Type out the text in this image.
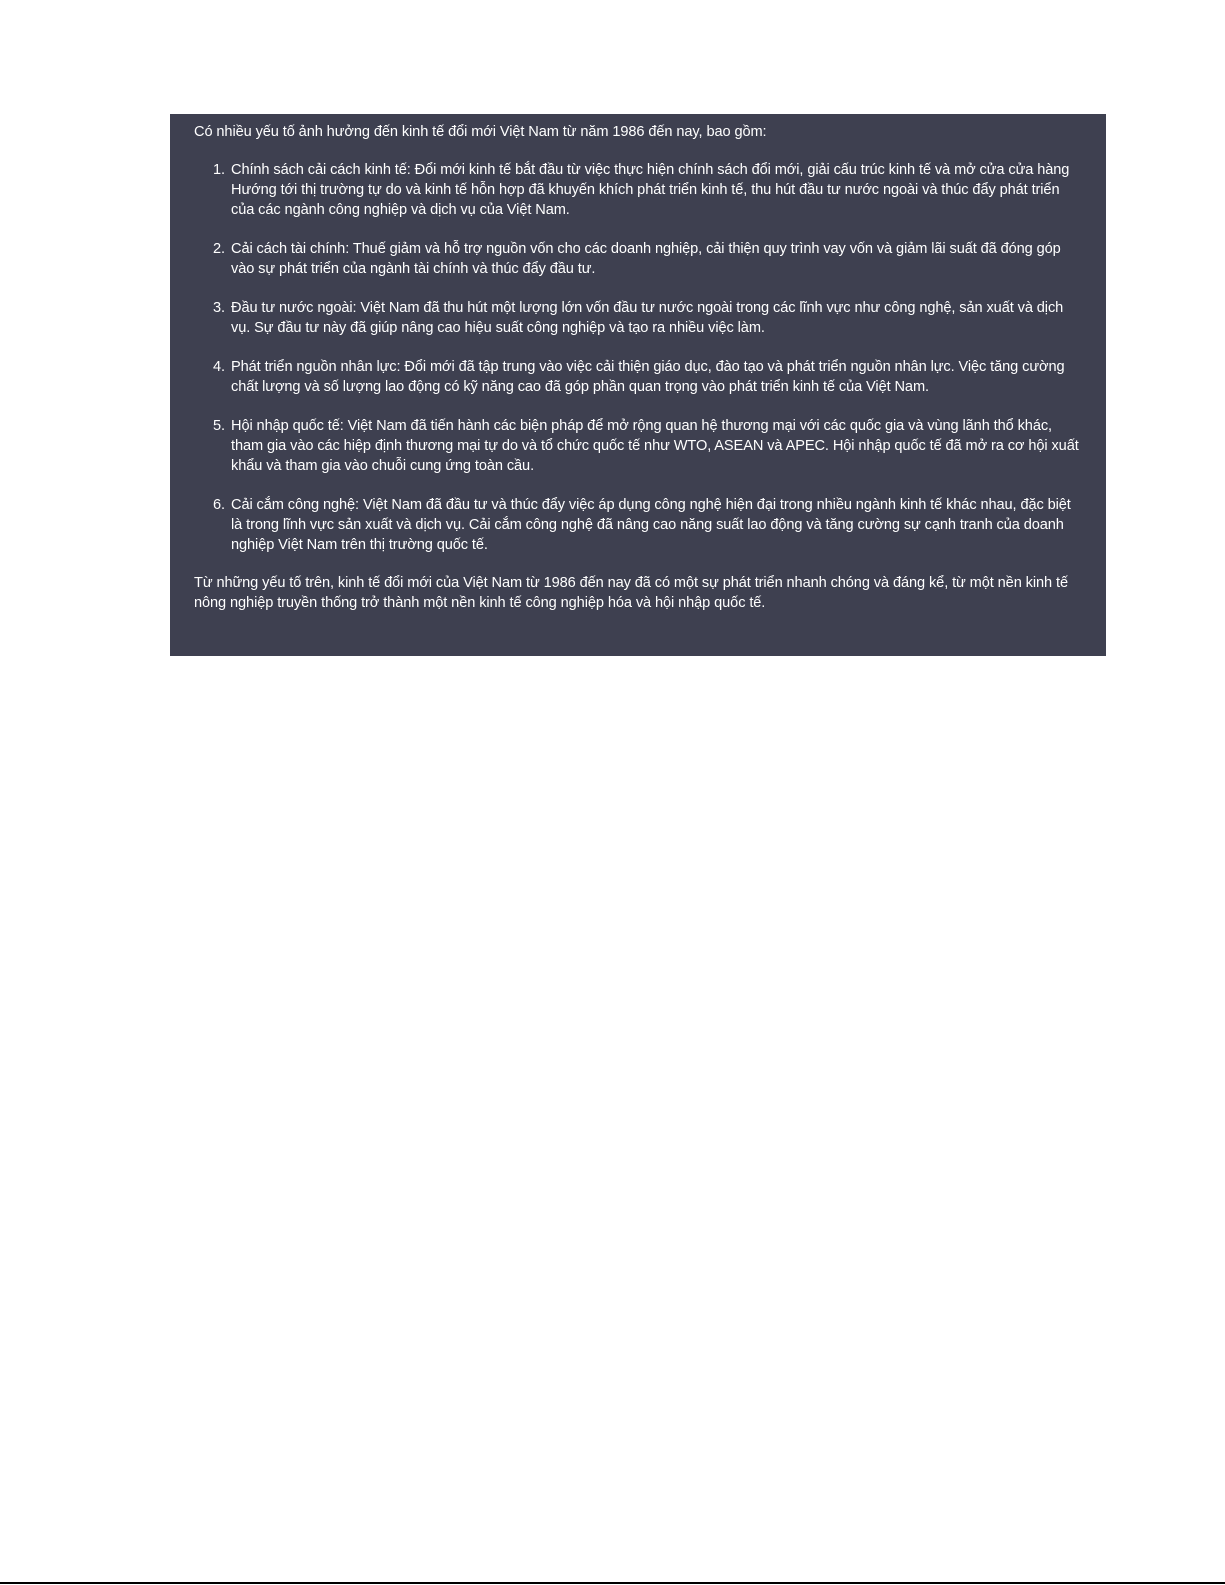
Có nhiều yếu tố ảnh hưởng đến kinh tế đổi mới Việt Nam từ năm 1986 đến nay, bao gồm:

1. Chính sách cải cách kinh tế: Đổi mới kinh tế bắt đầu từ việc thực hiện chính sách đổi mới, giải cấu trúc kinh tế và mở cửa cửa hàng Hướng tới thị trường tự do và kinh tế hỗn hợp đã khuyến khích phát triển kinh tế, thu hút đầu tư nước ngoài và thúc đẩy phát triển của các ngành công nghiệp và dịch vụ của Việt Nam.
2. Cải cách tài chính: Thuế giảm và hỗ trợ nguồn vốn cho các doanh nghiệp, cải thiện quy trình vay vốn và giảm lãi suất đã đóng góp vào sự phát triển của ngành tài chính và thúc đẩy đầu tư.
3. Đầu tư nước ngoài: Việt Nam đã thu hút một lượng lớn vốn đầu tư nước ngoài trong các lĩnh vực như công nghệ, sản xuất và dịch vụ. Sự đầu tư này đã giúp nâng cao hiệu suất công nghiệp và tạo ra nhiều việc làm.
4. Phát triển nguồn nhân lực: Đổi mới đã tập trung vào việc cải thiện giáo dục, đào tạo và phát triển nguồn nhân lực. Việc tăng cường chất lượng và số lượng lao động có kỹ năng cao đã góp phần quan trọng vào phát triển kinh tế của Việt Nam.
5. Hội nhập quốc tế: Việt Nam đã tiến hành các biện pháp để mở rộng quan hệ thương mại với các quốc gia và vùng lãnh thổ khác, tham gia vào các hiệp định thương mại tự do và tổ chức quốc tế như WTO, ASEAN và APEC. Hội nhập quốc tế đã mở ra cơ hội xuất khẩu và tham gia vào chuỗi cung ứng toàn cầu.
6. Cải cắm công nghệ: Việt Nam đã đầu tư và thúc đẩy việc áp dụng công nghệ hiện đại trong nhiều ngành kinh tế khác nhau, đặc biệt là trong lĩnh vực sản xuất và dịch vụ. Cải cắm công nghệ đã nâng cao năng suất lao động và tăng cường sự cạnh tranh của doanh nghiệp Việt Nam trên thị trường quốc tế.

Từ những yếu tố trên, kinh tế đổi mới của Việt Nam từ 1986 đến nay đã có một sự phát triển nhanh chóng và đáng kể, từ một nền kinh tế nông nghiệp truyền thống trở thành một nền kinh tế công nghiệp hóa và hội nhập quốc tế.
